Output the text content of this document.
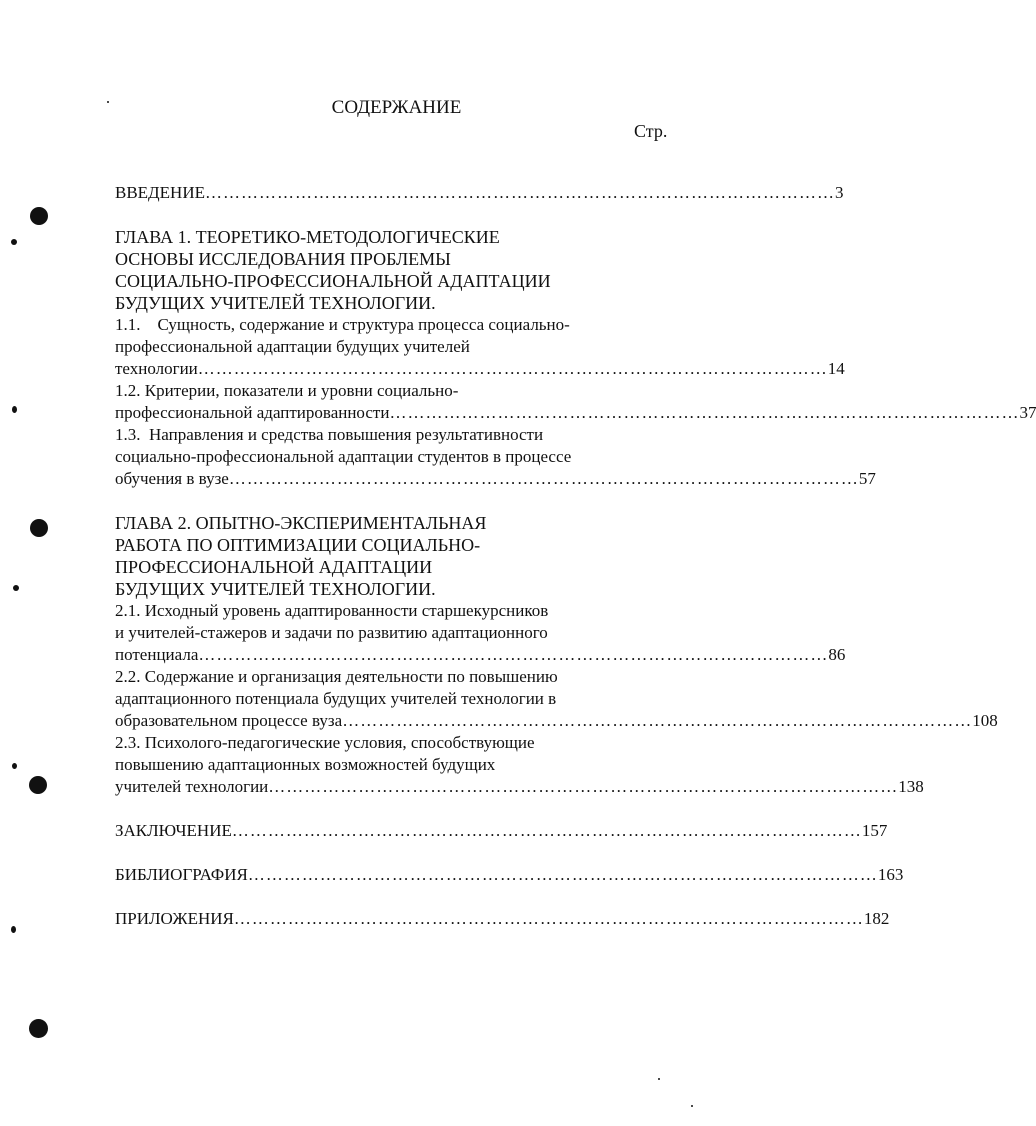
СОДЕРЖАНИЕ
Стр.
ВВЕДЕНИЕ …………………………………………………………………………………………… 3
ГЛАВА 1. ТЕОРЕТИКО-МЕТОДОЛОГИЧЕСКИЕ
ОСНОВЫ ИССЛЕДОВАНИЯ ПРОБЛЕМЫ
СОЦИАЛЬНО-ПРОФЕССИОНАЛЬНОЙ АДАПТАЦИИ
БУДУЩИХ УЧИТЕЛЕЙ ТЕХНОЛОГИИ.
1.1.    Сущность, содержание и структура процесса социально-
профессиональной адаптации будущих учителей
технологии …………………………………………………………………………………………… 14
1.2. Критерии, показатели и уровни социально-
профессиональной адаптированности …………………………………………………………………………………………… 37
1.3.  Направления и средства повышения результативности
социально-профессиональной адаптации студентов в процессе
обучения в вузе …………………………………………………………………………………………… 57
ГЛАВА 2. ОПЫТНО-ЭКСПЕРИМЕНТАЛЬНАЯ
РАБОТА ПО ОПТИМИЗАЦИИ СОЦИАЛЬНО-
ПРОФЕССИОНАЛЬНОЙ АДАПТАЦИИ
БУДУЩИХ УЧИТЕЛЕЙ ТЕХНОЛОГИИ.
2.1. Исходный уровень адаптированности старшекурсников
и учителей-стажеров и задачи по развитию адаптационного
потенциала …………………………………………………………………………………………… 86
2.2. Содержание и организация деятельности по повышению
адаптационного потенциала будущих учителей технологии в
образовательном процессе вуза …………………………………………………………………………………………… 108
2.3. Психолого-педагогические условия, способствующие
повышению адаптационных возможностей будущих
учителей технологии …………………………………………………………………………………………… 138
ЗАКЛЮЧЕНИЕ …………………………………………………………………………………………… 157
БИБЛИОГРАФИЯ …………………………………………………………………………………………… 163
ПРИЛОЖЕНИЯ …………………………………………………………………………………………… 182
